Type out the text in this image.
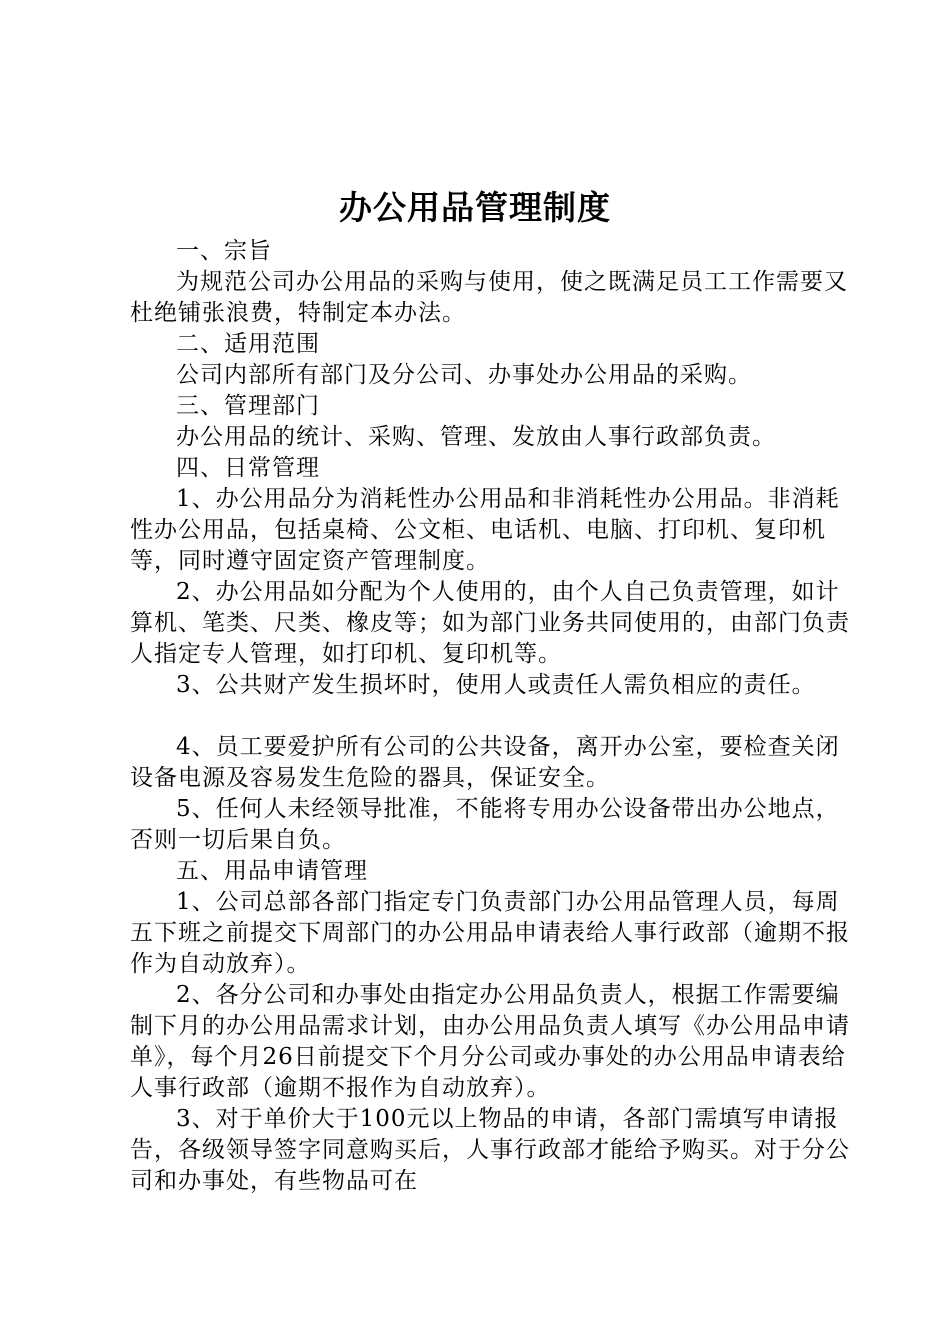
办公用品管理制度

一、宗旨

为规范公司办公用品的采购与使用，使之既满足员工工作需要又杜绝铺张浪费，特制定本办法。

二、适用范围

公司内部所有部门及分公司、办事处办公用品的采购。

三、管理部门

办公用品的统计、采购、管理、发放由人事行政部负责。

四、日常管理

1、办公用品分为消耗性办公用品和非消耗性办公用品。非消耗性办公用品，包括桌椅、公文柜、电话机、电脑、打印机、复印机等，同时遵守固定资产管理制度。

2、办公用品如分配为个人使用的，由个人自己负责管理，如计算机、笔类、尺类、橡皮等；如为部门业务共同使用的，由部门负责人指定专人管理，如打印机、复印机等。

3、公共财产发生损坏时，使用人或责任人需负相应的责任。

4、员工要爱护所有公司的公共设备，离开办公室，要检查关闭设备电源及容易发生危险的器具，保证安全。

5、任何人未经领导批准，不能将专用办公设备带出办公地点，否则一切后果自负。

五、用品申请管理

1、公司总部各部门指定专门负责部门办公用品管理人员，每周五下班之前提交下周部门的办公用品申请表给人事行政部（逾期不报作为自动放弃）。

2、各分公司和办事处由指定办公用品负责人，根据工作需要编制下月的办公用品需求计划，由办公用品负责人填写《办公用品申请单》，每个月26日前提交下个月分公司或办事处的办公用品申请表给人事行政部（逾期不报作为自动放弃）。

3、对于单价大于100元以上物品的申请，各部门需填写申请报告，各级领导签字同意购买后，人事行政部才能给予购买。对于分公司和办事处，有些物品可在
